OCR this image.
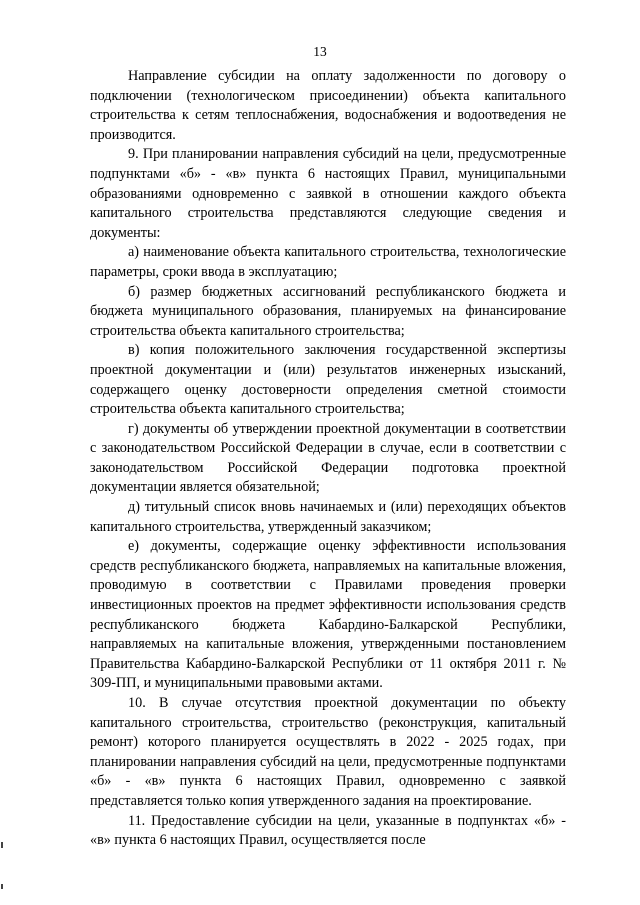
13

Направление субсидии на оплату задолженности по договору о подключении (технологическом присоединении) объекта капитального строительства к сетям теплоснабжения, водоснабжения и водоотведения не производится.

9. При планировании направления субсидий на цели, предусмотренные подпунктами «б» - «в» пункта 6 настоящих Правил, муниципальными образованиями одновременно с заявкой в отношении каждого объекта капитального строительства представляются следующие сведения и документы:

а) наименование объекта капитального строительства, технологические параметры, сроки ввода в эксплуатацию;

б) размер бюджетных ассигнований республиканского бюджета и бюджета муниципального образования, планируемых на финансирование строительства объекта капитального строительства;

в) копия положительного заключения государственной экспертизы проектной документации и (или) результатов инженерных изысканий, содержащего оценку достоверности определения сметной стоимости строительства объекта капитального строительства;

г) документы об утверждении проектной документации в соответствии с законодательством Российской Федерации в случае, если в соответствии с законодательством Российской Федерации подготовка проектной документации является обязательной;

д) титульный список вновь начинаемых и (или) переходящих объектов капитального строительства, утвержденный заказчиком;

е) документы, содержащие оценку эффективности использования средств республиканского бюджета, направляемых на капитальные вложения, проводимую в соответствии с Правилами проведения проверки инвестиционных проектов на предмет эффективности использования средств республиканского бюджета Кабардино-Балкарской Республики, направляемых на капитальные вложения, утвержденными постановлением Правительства Кабардино-Балкарской Республики от 11 октября 2011 г. № 309-ПП, и муниципальными правовыми актами.

10. В случае отсутствия проектной документации по объекту капитального строительства, строительство (реконструкция, капитальный ремонт) которого планируется осуществлять в 2022 - 2025 годах, при планировании направления субсидий на цели, предусмотренные подпунктами «б» - «в» пункта 6 настоящих Правил, одновременно с заявкой представляется только копия утвержденного задания на проектирование.

11. Предоставление субсидии на цели, указанные в подпунктах «б» - «в» пункта 6 настоящих Правил, осуществляется после
